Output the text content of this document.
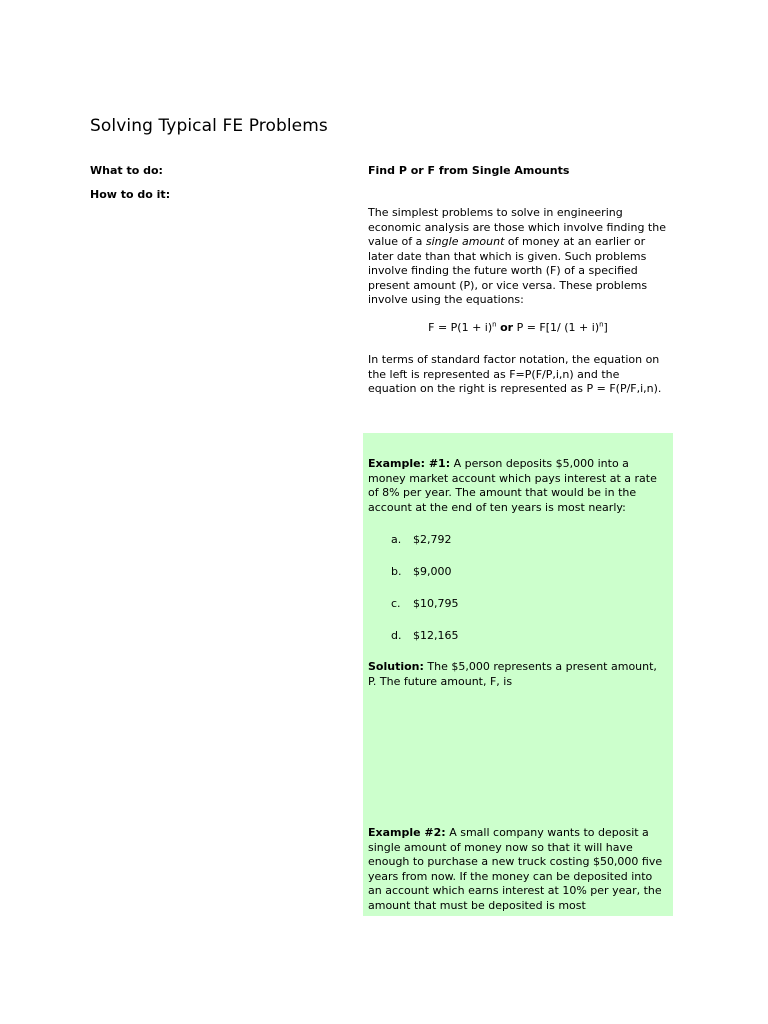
Solving Typical FE Problems
What to do:
How to do it:
Find P or F from Single Amounts
The simplest problems to solve in engineering economic analysis are those which involve finding the value of a single amount of money at an earlier or later date than that which is given. Such problems involve finding the future worth (F) of a specified present amount (P), or vice versa. These problems involve using the equations:
$F = P(1 + i)^n$ or P = F[1/ $(1 + i)^n$]
In terms of standard factor notation, the equation on the left is represented as F=P(F/P,i,n) and the equation on the right is represented as P = F(P/F,i,n).
Example: #1: A person deposits $5,000 into a money market account which pays interest at a rate of 8% per year. The amount that would be in the account at the end of ten years is most nearly:
a. $2,792
b. $9,000
c. $10,795
d. $12,165
Solution: The $5,000 represents a present amount, P. The future amount, F, is
Example #2: A small company wants to deposit a single amount of money now so that it will have enough to purchase a new truck costing $50,000 five years from now. If the money can be deposited into an account which earns interest at 10% per year, the amount that must be deposited is most
